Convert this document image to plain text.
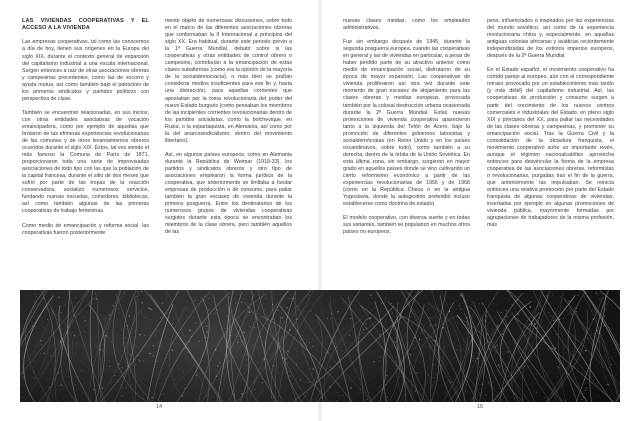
LAS VIVIENDAS COOPERATIVAS Y EL ACCESO A LA VIVIENDA

Las empresas cooperativas, tal como las conocemos a día de hoy, tienen sus orígenes en la Europa del siglo XIX, durante el contexto general de expansión del capitalismo industrial a una escala internacional. Surgen entonces a raíz de otras asociaciones obreras y campesinas precedentes, como las de socorro y ayuda mutua, así como también bajo el patrocinio de los primeros sindicatos y partidos políticos con perspectiva de clase.

También se encuentran relacionadas, en sus inicios, con otras entidades asociativas de vocación emancipadora, como por ejemplo de aquellas que brotaron de las efímeras experiencias revolucionarias de las comunes y de otros levantamientos obreros ocurridos durante el siglo XIX. Éstos, tal vez siendo el más famoso la Comuna de París de 1871, proporcionaron toda una serie de improvisadas asociaciones de todo tipo con las que la población de la capital francesa, durante el sitio de dos meses que sufrió por parte de las tropas de la reacción conservadora, socializó numerosos servicios, fundando nuevas escuelas, comedores, bibliotecas, así como también algunas de las primeras cooperativas de trabajo femeninas.

Como medio de emancipación y reforma social, las cooperativas fueron posteriormente

mente objeto de numerosas discusiones, sobre todo en el marco de las diferentes asociaciones obreras que conformaban la II Internacional a principios del siglo XX. Era habitual, durante este periodo previo a la 1ª Guerra Mundial, debatir sobre si las cooperativas y otras entidades de control obrero o campesino, contribuían a la emancipación de estas clases subalternas (como era la opinión de la mayoría de la socialdemocracia), o más bien se podían considerar medios insuficientes para ese fin y, hasta una distracción, para aquellas corrientes que apostaban por la toma revolucionaria del poder del nuevo Estado burgués (como pensaban los miembros de las incipientes corrientes revolucionarias dentro de los partidos socialistas, como la bolchevique, en Rusia, o la espartaquista, en Alemania, así como por la del anarcosindicalismo, dentro del movimiento libertario).

Así, en algunos países europeos, como en Alemania durante la República de Weimar (1918-33), los partidos y sindicatos obreros y otro tipo de asociaciones emplearon la forma jurídica de la cooperativa, que anteriormente se limitaba a fundar empresas de producción o de consumo, para paliar también la gran escasez de vivienda durante la primera posguerra. Entre los destinatarios de los numerosos grupos de viviendas cooperativas surgidos durante esta época se encontraban los miembros de la clase obrera, pero también aquellos de las

nuevas clases medias, como los empleados administrativos.

Fue sin embargo después de 1945, durante la segunda posguerra europea, cuando las cooperativas en general y las de viviendas en particular, a pesar de haber perdido parte de su atractivo anterior como medio de emancipación social, disfrutaron de su época de mayor expansión. Las cooperativas de vivienda proliferaron así otra vez durante este momento de gran escasez de alojamiento para las clases obreras y medias europeas, provocada también por la colosal destrucción urbana ocasionada durante la 2ª Guerra Mundial. Estas nuevas promociones de vivienda cooperativa aparecieron tanto a la izquierda del Telón de Acero, bajo la promoción de diferentes gobiernos laboristas y socialdemócratas (en Reino Unido y en los países escandinavos, sobre todo), como también a su derecha, dentro de la órbita de la Unión Soviética. En esta última zona, sin embargo, surgieron en mayor grado en aquellos países donde se vino cultivando un cierto reformismo económico a partir de las experiencias revolucionarias de 1956 y de 1968 (como en la República Checa o en la antigua Yugoslavia, donde la autogestión pretendió incluso establecerse como doctrina de estado).

El modelo cooperativo, con diversa suerte y en todas sus variantes, también se popularizó en muchos otros países no europeos,

peos, influenciados o inspirados por las experiencias del mundo soviético, así como de la experiencia revolucionaria china y, especialmente, en aquellas antiguas colonias africanas y asiáticas recientemente independizadas de los extintos imperios europeos, después de la 2ª Guerra Mundial.

En el Estado español, el movimiento cooperativo ha corrido parejo al europeo, aún con el correspondiente retraso provocado por un establecimiento más tardío (y más débil) del capitalismo industrial. Así, las cooperativas de producción y consumo surgen a partir del crecimiento de los nuevos centros comerciales e industriales del Estado, en pleno siglo XIX y principios del XX, para paliar las necesidades de las clases obreras y campesinas, y promover su emancipación social. Tras la Guerra Civil y la consolidación de la dictadura franquista, el movimiento cooperativo sufre un importante revés, aunque el régimen nacionalcatólico aprovecha entonces para desvincular la forma de la empresa cooperativa de las asociaciones obreras, reformistas o revolucionarias, purgadas tras el fin de la guerra, que anteriormente las impulsaban. Se reinicia entonces una relativa promoción por parte del Estado franquista de algunas cooperativas de viviendas, insertadas por ejemplo en algunas promociones de vivienda pública, mayormente formadas por agrupaciones de trabajadores de la misma profesión, más

14	15
